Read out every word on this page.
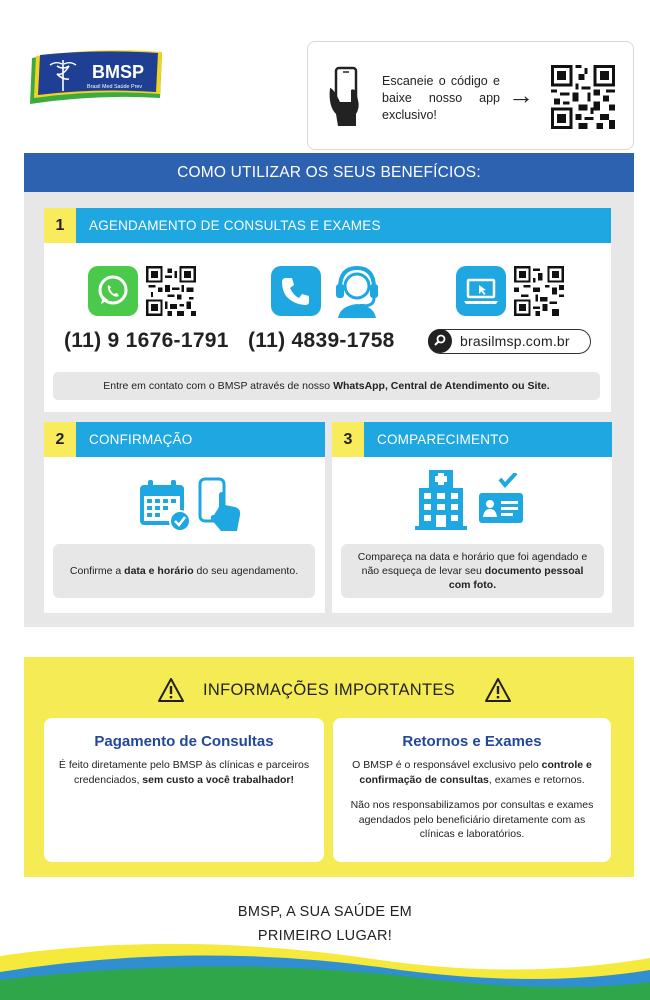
BMSP
Brasil Med Saúde Prev	Escaneie o código e baixe nosso app exclusivo!
→
COMO UTILIZAR OS SEUS BENEFÍCIOS:
1	AGENDAMENTO DE CONSULTAS E EXAMES
(11) 9 1676-1791 (11) 4839-1758	brasilmsp.com.br
Entre em contato com o BMSP através de nosso WhatsApp, Central de Atendimento ou Site.
2	CONFIRMAÇÃO
Confirme a data e horário do seu agendamento.
3	COMPARECIMENTO
Compareça na data e horário que foi agendado e não esqueça de levar seu documento pessoal com foto.
INFORMAÇÕES IMPORTANTES
Pagamento de Consultas
É feito diretamente pelo BMSP às clínicas e parceiros credenciados, sem custo a você trabalhador!
Retornos e Exames
O BMSP é o responsável exclusivo pelo controle e confirmação de consultas, exames e retornos.
Não nos responsabilizamos por consultas e exames agendados pelo beneficiário diretamente com as clínicas e laboratórios.
BMSP, A SUA SAÚDE EM
PRIMEIRO LUGAR!
